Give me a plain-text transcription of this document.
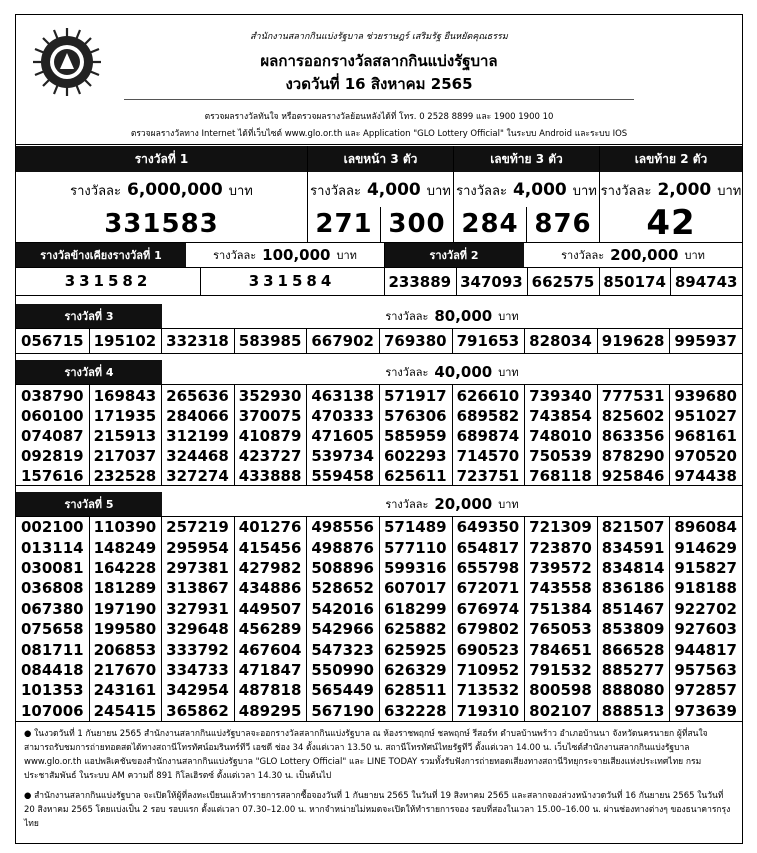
สำนักงานสลากกินแบ่งรัฐบาล ช่วยราษฎร์ เสริมรัฐ ยืนหยัดคุณธรรม
ผลการออกรางวัลสลากกินแบ่งรัฐบาล
งวดวันที่ 16 สิงหาคม 2565
ตรวจผลรางวัลทันใจ หรือตรวจผลรางวัลย้อนหลังได้ที่ โทร. 0 2528 8899 และ 1900 1900 10
ตรวจผลรางวัลทาง Internet ได้ที่เว็บไซต์ www.glo.or.th และ Application "GLO Lottery Official" ในระบบ Android และระบบ IOS
รางวัลที่ 1	เลขหน้า 3 ตัว	เลขท้าย 3 ตัว	เลขท้าย 2 ตัว
รางวัลละ 6,000,000 บาท	รางวัลละ 4,000 บาท รางวัลละ 4,000 บาท รางวัลละ 2,000 บาท
331583	271 300 284 876	42
รางวัลข้างเคียงรางวัลที่ 1	รางวัลละ 100,000 บาท
331582	331584
รางวัลที่ 2	รางวัลละ 200,000 บาท
233889 347093 662575 850174 894743
รางวัลที่ 3	รางวัลละ 80,000 บาท
056715 195102 332318 583985 667902 769380 791653 828034 919628 995937
รางวัลที่ 4	รางวัลละ 40,000 บาท
038790 169843 265636 352930 463138 571917 626610 739340 777531 939680
060100 171935 284066 370075 470333 576306 689582 743854 825602 951027
074087 215913 312199 410879 471605 585959 689874 748010 863356 968161
092819 217037 324468 423727 539734 602293 714570 750539 878290 970520
157616 232528 327274 433888 559458 625611 723751 768118 925846 974438
รางวัลที่ 5	รางวัลละ 20,000 บาท
002100 110390 257219 401276 498556 571489 649350 721309 821507 896084
013114 148249 295954 415456 498876 577110 654817 723870 834591 914629
030081 164228 297381 427982 508896 599316 655798 739572 834814 915827
036808 181289 313867 434886 528652 607017 672071 743558 836186 918188
067380 197190 327931 449507 542016 618299 676974 751384 851467 922702
075658 199580 329648 456289 542966 625882 679802 765053 853809 927603
081711 206853 333792 467604 547323 625925 690523 784651 866528 944817
084418 217670 334733 471847 550990 626329 710952 791532 885277 957563
101353 243161 342954 487818 565449 628511 713532 800598 888080 972857
107006 245415 365862 489295 567190 632228 719310 802107 888513 973639

● ในงวดวันที่ 1 กันยายน 2565 สำนักงานสลากกินแบ่งรัฐบาลจะออกรางวัลสลากกินแบ่งรัฐบาล ณ ห้องราชพฤกษ์ ชลพฤกษ์ รีสอร์ท ตำบลบ้านพร้าว อำเภอบ้านนา จังหวัดนครนายก ผู้ที่สนใจสามารถรับชมการถ่ายทอดสดได้ทางสถานีโทรทัศน์อมรินทร์ทีวี เอชดี ช่อง 34 ตั้งแต่เวลา 13.50 น. สถานีโทรทัศน์ไทยรัฐทีวี ตั้งแต่เวลา 14.00 น. เว็บไซต์สำนักงานสลากกินแบ่งรัฐบาล www.glo.or.th แอปพลิเคชันของสำนักงานสลากกินแบ่งรัฐบาล "GLO Lottery Official" และ LINE TODAY รวมทั้งรับฟังการถ่ายทอดเสียงทางสถานีวิทยุกระจายเสียงแห่งประเทศไทย กรมประชาสัมพันธ์ ในระบบ AM ความถี่ 891 กิโลเฮิรตซ์ ตั้งแต่เวลา 14.30 น. เป็นต้นไป

● สำนักงานสลากกินแบ่งรัฐบาล จะเปิดให้ผู้ที่ลงทะเบียนแล้วทำรายการสลากซื้อจองวันที่ 1 กันยายน 2565 ในวันที่ 19 สิงหาคม 2565 และสลากจองล่วงหน้างวดวันที่ 16 กันยายน 2565 ในวันที่ 20 สิงหาคม 2565 โดยแบ่งเป็น 2 รอบ รอบแรก ตั้งแต่เวลา 07.30–12.00 น. หากจำหน่ายไม่หมดจะเปิดให้ทำรายการจอง รอบที่สองในเวลา 15.00–16.00 น. ผ่านช่องทางต่างๆ ของธนาคารกรุงไทย
